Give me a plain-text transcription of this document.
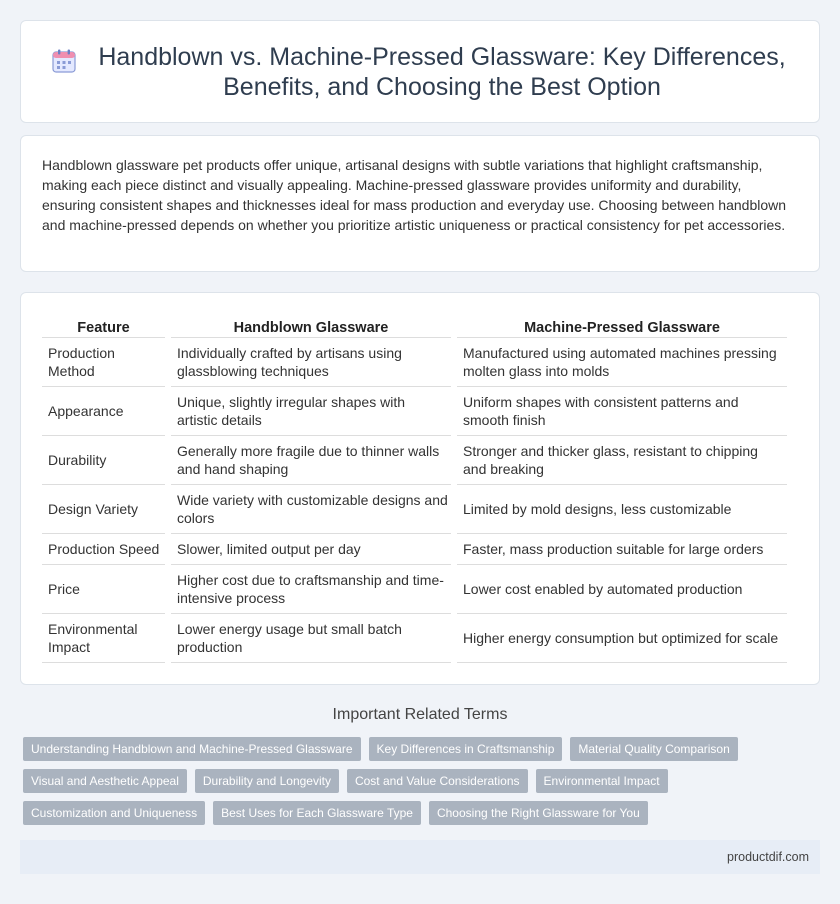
Handblown vs. Machine-Pressed Glassware: Key Differences, Benefits, and Choosing the Best Option

Handblown glassware pet products offer unique, artisanal designs with subtle variations that highlight craftsmanship, making each piece distinct and visually appealing. Machine-pressed glassware provides uniformity and durability, ensuring consistent shapes and thicknesses ideal for mass production and everyday use. Choosing between handblown and machine-pressed depends on whether you prioritize artistic uniqueness or practical consistency for pet accessories.

Feature	Handblown Glassware	Machine-Pressed Glassware
Production Method	Individually crafted by artisans using glassblowing techniques	Manufactured using automated machines pressing molten glass into molds
Appearance	Unique, slightly irregular shapes with artistic details	Uniform shapes with consistent patterns and smooth finish
Durability	Generally more fragile due to thinner walls and hand shaping	Stronger and thicker glass, resistant to chipping and breaking
Design Variety	Wide variety with customizable designs and colors	Limited by mold designs, less customizable
Production Speed	Slower, limited output per day	Faster, mass production suitable for large orders
Price	Higher cost due to craftsmanship and time-intensive process	Lower cost enabled by automated production
Environmental Impact	Lower energy usage but small batch production	Higher energy consumption but optimized for scale
Important Related Terms
Understanding Handblown and Machine-Pressed Glassware	Key Differences in Craftsmanship	Material Quality Comparison
Visual and Aesthetic Appeal	Durability and Longevity	Cost and Value Considerations	Environmental Impact
Customization and Uniqueness	Best Uses for Each Glassware Type	Choosing the Right Glassware for You
productdif.com
